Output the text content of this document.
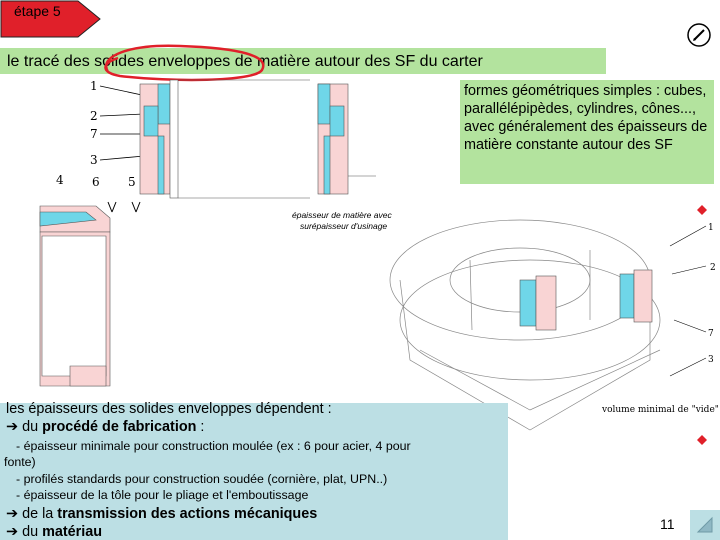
étape 5
le tracé des solides enveloppes de matière autour des SF du carter
1
2
7
3
4 6 5
épaisseur de matière avec
surépaisseur d'usinage	1
2
7
3
volume minimal de "vide"
formes géométriques simples : cubes, parallélépipèdes, cylindres, cônes..., avec généralement des épaisseurs de matière constante autour des SF
les épaisseurs des solides enveloppes dépendent :
➔ du procédé de fabrication :
- épaisseur minimale pour construction moulée (ex : 6 pour acier, 4 pour
fonte)
- profilés standards pour construction soudée (cornière, plat, UPN..)
- épaisseur de la tôle pour le pliage et l'emboutissage
➔ de la transmission des actions mécaniques
➔ du matériau	11
